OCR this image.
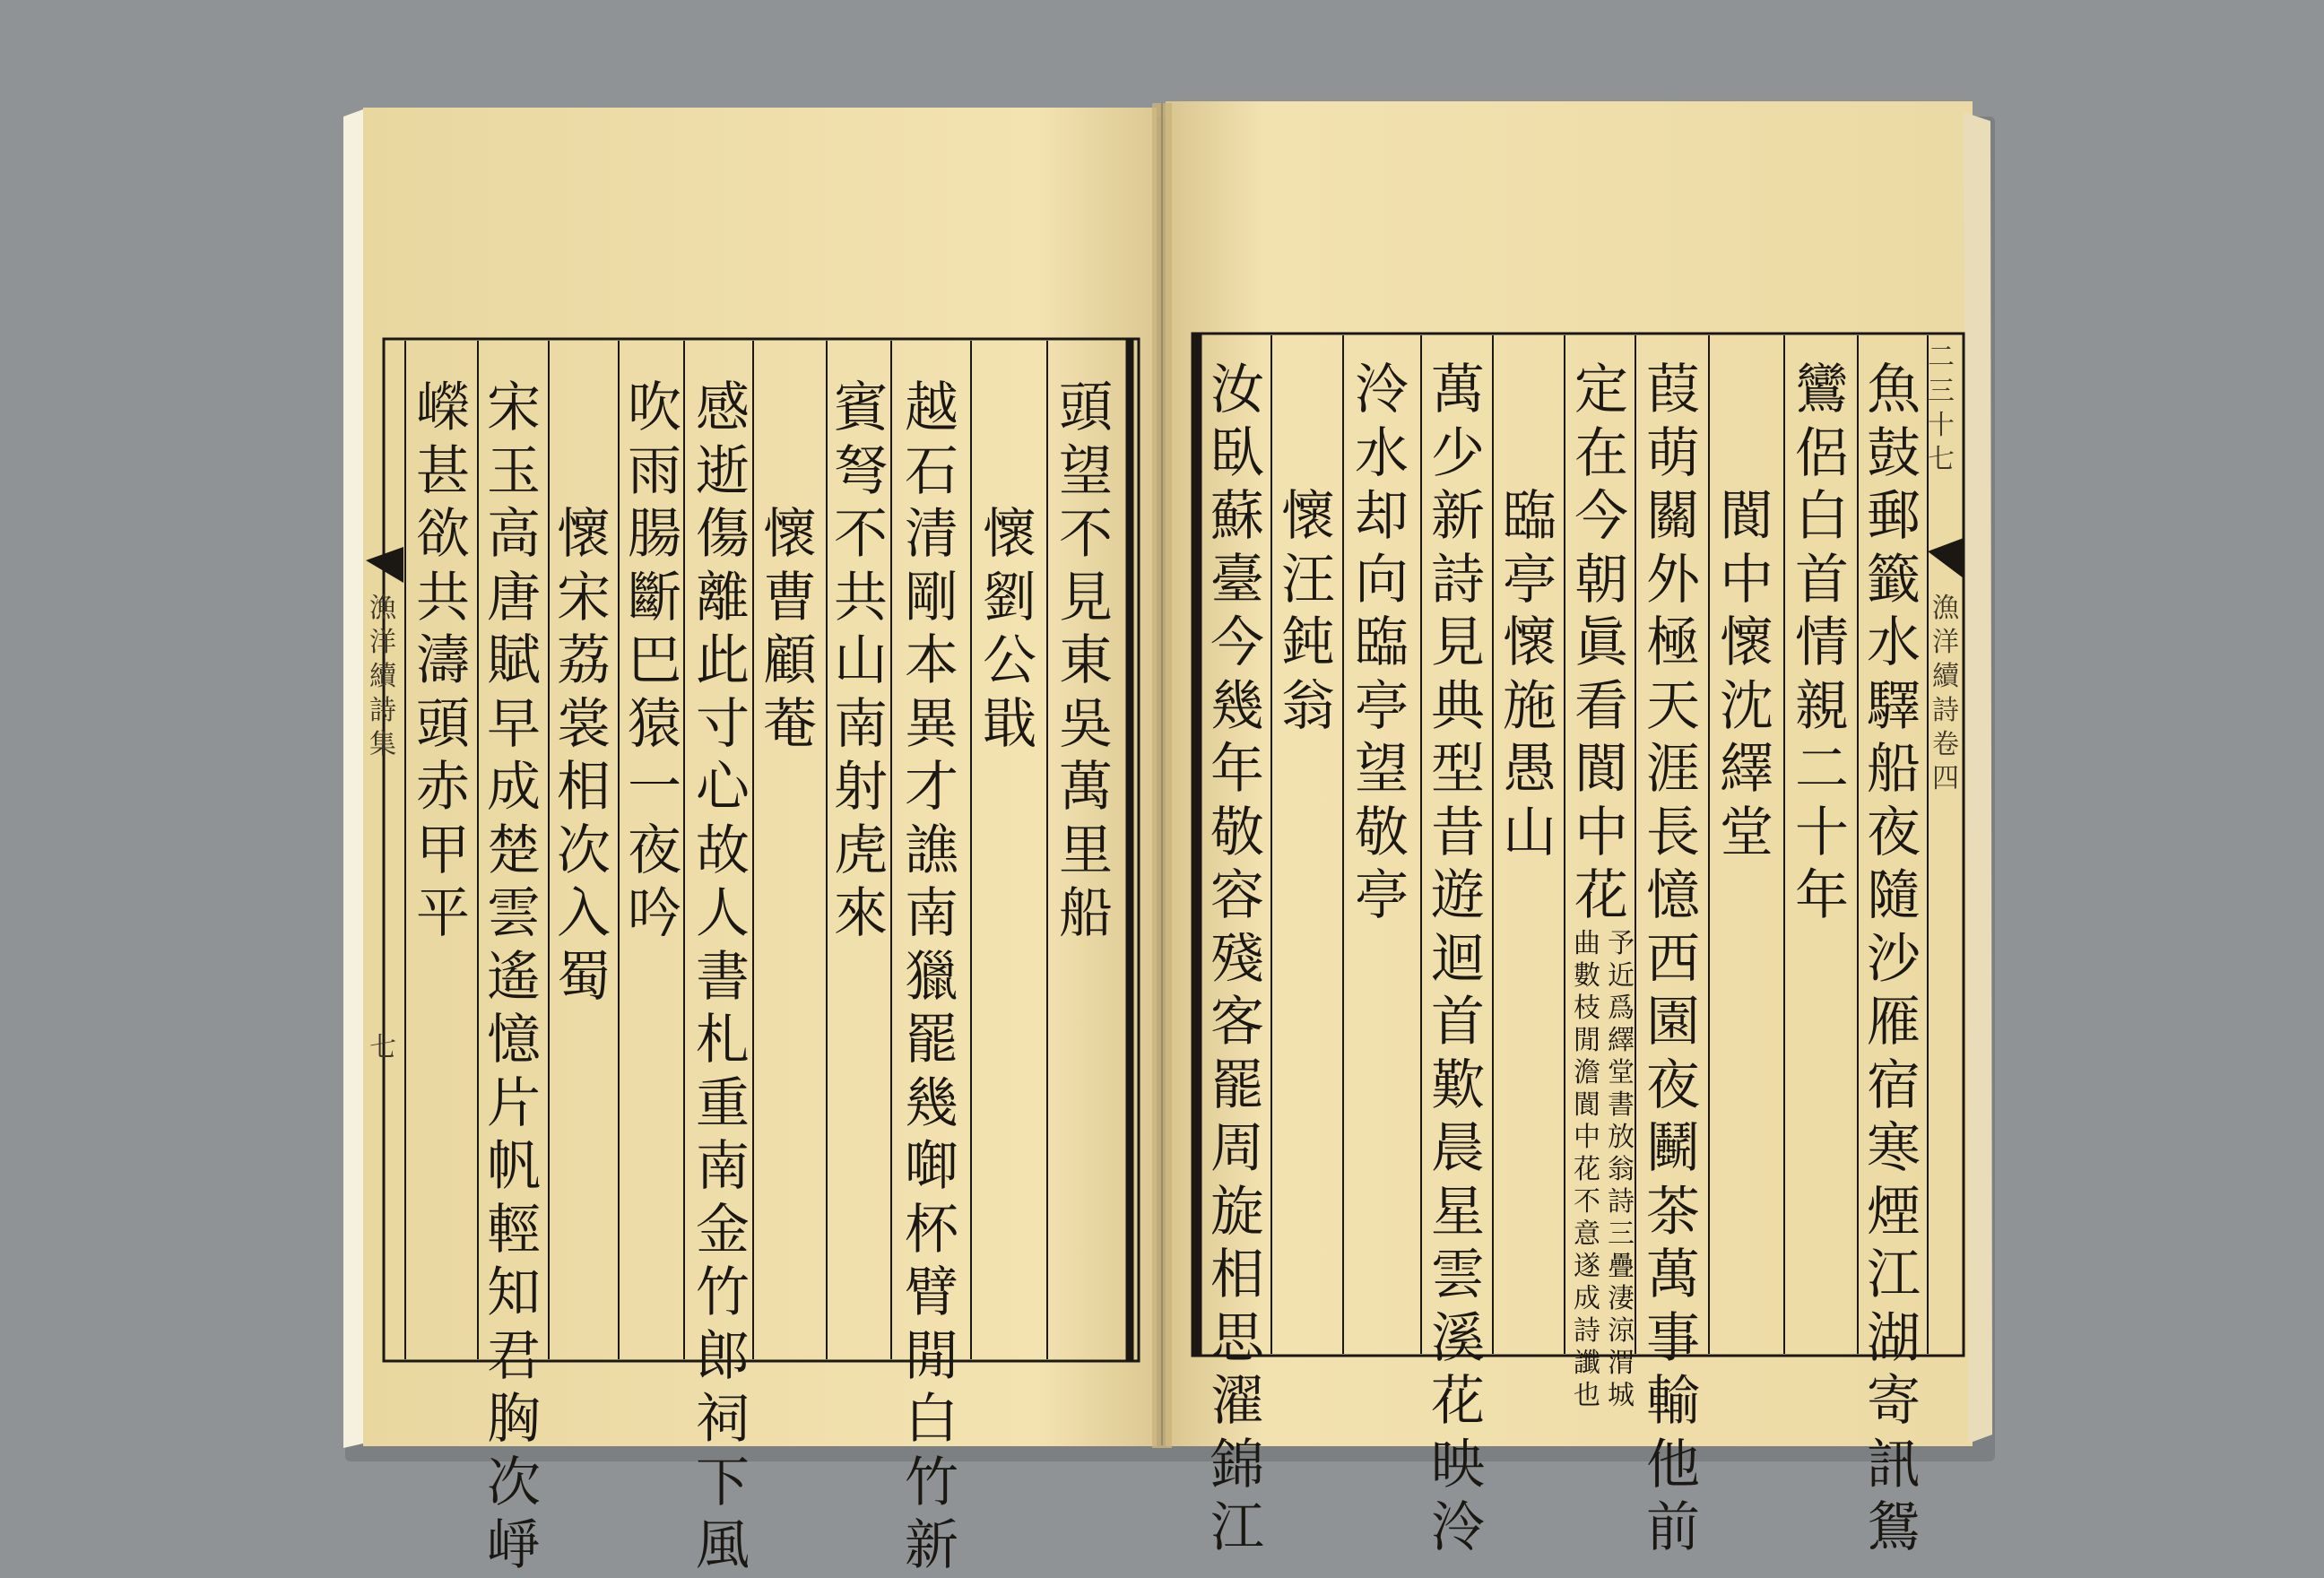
頭
望
不
見
東
吳
萬
里
船

懷
劉
公
戢
越
石
清
剛
本
異
才
譙
南
獵
罷
幾
啣
杯
臂
閒
白
竹
新
賓
弩
不
共
山
南
射
虎
來

懷
曹
顧
菴
感
逝
傷
離
此
寸
心
故
人
書
札
重
南
金
竹
郎
祠
下
風
吹
雨
腸
斷
巴
猿
一
夜
吟

懷
宋
荔
裳
相
次
入
蜀
宋
玉
高
唐
賦
早
成
楚
雲
遙
憶
片
帆
輕
知
君
胸
次
崢
嶸
甚
欲
共
濤
頭
赤
甲
平
漁
洋
續
詩
集
七
魚
鼓
郵
籤
水
驛
船
夜
隨
沙
雁
宿
寒
煙
江
湖
寄
訊
鴛
鸞
侶
白
首
情
親
二
十
年

閬
中
懷
沈
繹
堂
葭
萌
關
外
極
天
涯
長
憶
西
園
夜
鬭
茶
萬
事
輸
他
前
定
在
今
朝
眞
看
閬
中
花
予
近
爲
繹
堂
書
放
翁
詩
三
疊
淒
涼
渭
城
曲
數
枝
閒
澹
閬
中
花
不
意
遂
成
詩
讖
也

臨
亭
懷
施
愚
山
萬
少
新
詩
見
典
型
昔
遊
迴
首
歎
晨
星
雲
溪
花
映
泠
泠
水
却
向
臨
亭
望
敬
亭

懷
汪
鈍
翁
汝
臥
蘇
臺
今
幾
年
敬
容
殘
客
罷
周
旋
相
思
濯
錦
江
二
三
十
七
漁
洋
續
詩
卷
四
